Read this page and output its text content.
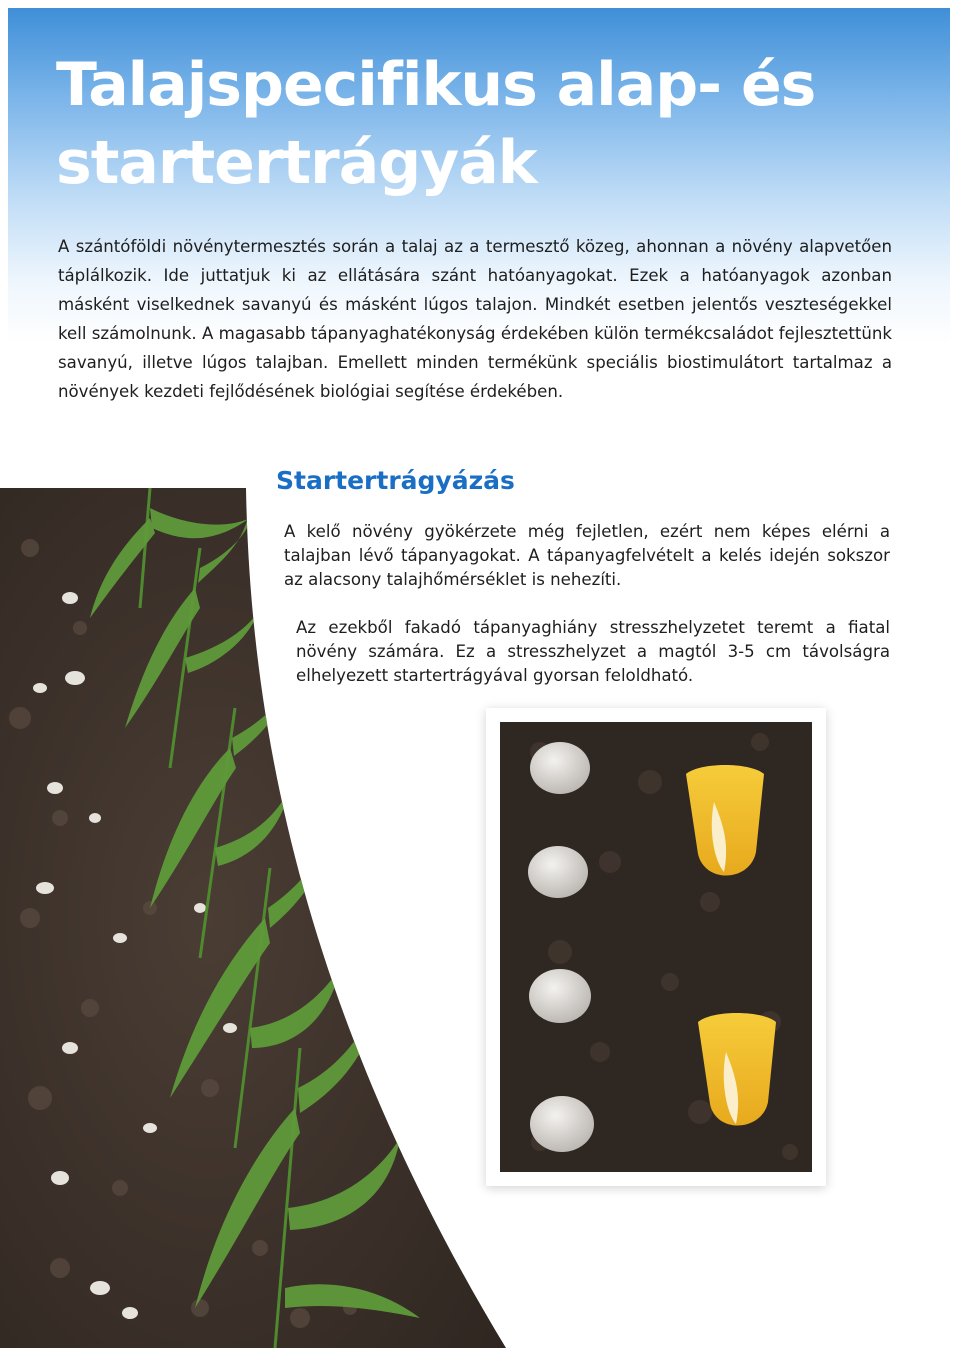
Talajspecifikus alap- és startertrágyák

A szántóföldi növénytermesztés során a talaj az a termesztő közeg, ahonnan a növény alapvetően táplálkozik. Ide juttatjuk ki az ellátására szánt hatóanyagokat. Ezek a hatóanyagok azonban másként viselkednek savanyú és másként lúgos talajon. Mindkét esetben jelentős veszteségekkel kell számolnunk. A magasabb tápanyaghatékonyság érdekében külön termékcsaládot fejlesztettünk savanyú, illetve lúgos talajban. Emellett minden termékünk speciális biostimulátort tartalmaz a növények kezdeti fejlődésének biológiai segítése érdekében.

Startertrágyázás

A kelő növény gyökérzete még fejletlen, ezért nem képes elérni a talajban lévő tápanyagokat. A tápanyagfelvételt a kelés idején sokszor az alacsony talajhőmérséklet is nehezíti.

Az ezekből fakadó tápanyaghiány stresszhelyzetet teremt a fiatal növény számára. Ez a stresszhelyzet a magtól 3-5 cm távolságra elhelyezett startertrágyával gyorsan feloldható.
